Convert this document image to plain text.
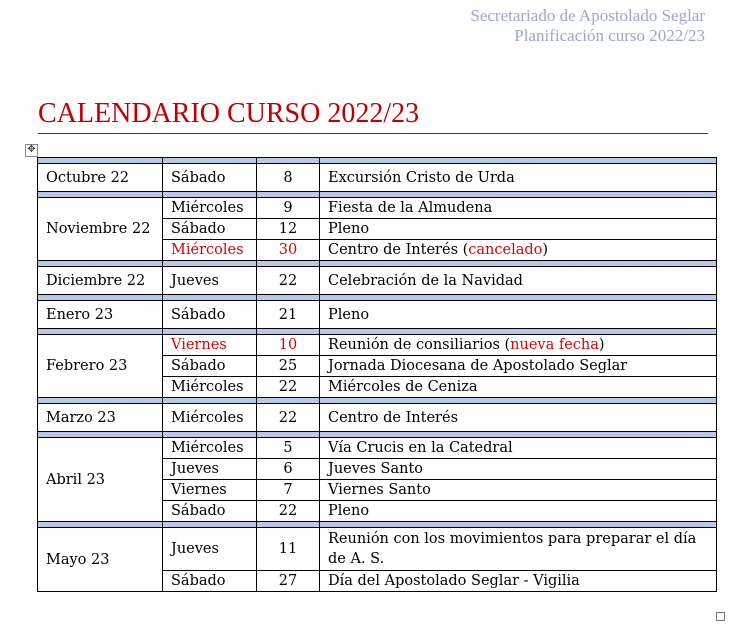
Secretariado de Apostolado Seglar
Planificación curso 2022/23
CALENDARIO CURSO 2022/23
✥

Octubre 22	Sábado	8	Excursión Cristo de Urda

Noviembre 22	Miércoles	9	Fiesta de la Almudena
	Sábado	12	Pleno
	Miércoles	30	Centro de Interés (cancelado)

Diciembre 22	Jueves	22	Celebración de la Navidad

Enero 23	Sábado	21	Pleno

Febrero 23	Viernes	10	Reunión de consiliarios (nueva fecha)
	Sábado	25	Jornada Diocesana de Apostolado Seglar
	Miércoles	22	Miércoles de Ceniza

Marzo 23	Miércoles	22	Centro de Interés

Abril 23	Miércoles	5	Vía Crucis en la Catedral
	Jueves	6	Jueves Santo
	Viernes	7	Viernes Santo
	Sábado	22	Pleno

Mayo 23	Jueves	11	Reunión con los movimientos para preparar el día de A. S.
	Sábado	27	Día del Apostolado Seglar - Vigilia
